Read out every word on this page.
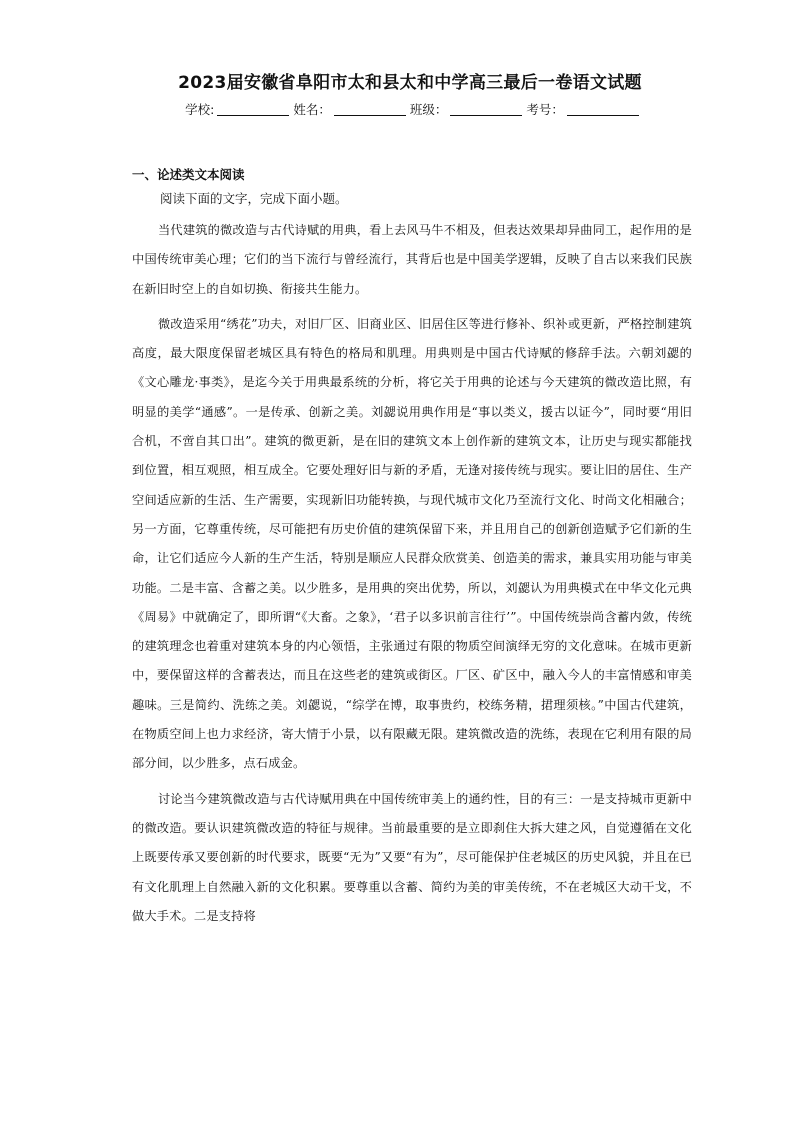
2023届安徽省阜阳市太和县太和中学高三最后一卷语文试题
学校:	姓名：	班级：	考号：
一、论述类文本阅读
阅读下面的文字，完成下面小题。

当代建筑的微改造与古代诗赋的用典，看上去风马牛不相及，但表达效果却异曲同工，起作用的是中国传统审美心理；它们的当下流行与曾经流行，其背后也是中国美学逻辑，反映了自古以来我们民族在新旧时空上的自如切换、衔接共生能力。

微改造采用“绣花”功夫，对旧厂区、旧商业区、旧居住区等进行修补、织补或更新，严格控制建筑高度，最大限度保留老城区具有特色的格局和肌理。用典则是中国古代诗赋的修辞手法。六朝刘勰的《文心雕龙·事类》，是迄今关于用典最系统的分析，将它关于用典的论述与今天建筑的微改造比照，有明显的美学“通感”。一是传承、创新之美。刘勰说用典作用是“事以类义，援古以证今”，同时要“用旧合机，不啻自其口出”。建筑的微更新，是在旧的建筑文本上创作新的建筑文本，让历史与现实都能找到位置，相互观照，相互成全。它要处理好旧与新的矛盾，无逢对接传统与现实。要让旧的居住、生产空间适应新的生活、生产需要，实现新旧功能转换，与现代城市文化乃至流行文化、时尚文化相融合；另一方面，它尊重传统，尽可能把有历史价值的建筑保留下来，并且用自己的创新创造赋予它们新的生命，让它们适应今人新的生产生活，特别是顺应人民群众欣赏美、创造美的需求，兼具实用功能与审美功能。二是丰富、含蓄之美。以少胜多，是用典的突出优势，所以，刘勰认为用典模式在中华文化元典《周易》中就确定了，即所谓“《大畜。之象》，‘君子以多识前言往行’”。中国传统崇尚含蓄内敛，传统的建筑理念也着重对建筑本身的内心领悟，主张通过有限的物质空间演绎无穷的文化意味。在城市更新中，要保留这样的含蓄表达，而且在这些老的建筑或街区。厂区、矿区中，融入今人的丰富情感和审美趣味。三是简约、洗练之美。刘勰说，“综学在博，取事贵约，校练务精，捃理须核。”中国古代建筑，在物质空间上也力求经济，寄大情于小景，以有限藏无限。建筑微改造的洗练，表现在它利用有限的局部分间，以少胜多，点石成金。

讨论当今建筑微改造与古代诗赋用典在中国传统审美上的通约性，目的有三：一是支持城市更新中的微改造。要认识建筑微改造的特征与规律。当前最重要的是立即刹住大拆大建之风，自觉遵循在文化上既要传承又要创新的时代要求，既要“无为”又要“有为”，尽可能保护住老城区的历史风貌，并且在已有文化肌理上自然融入新的文化积累。要尊重以含蓄、简约为美的审美传统，不在老城区大动干戈，不做大手术。二是支持将
